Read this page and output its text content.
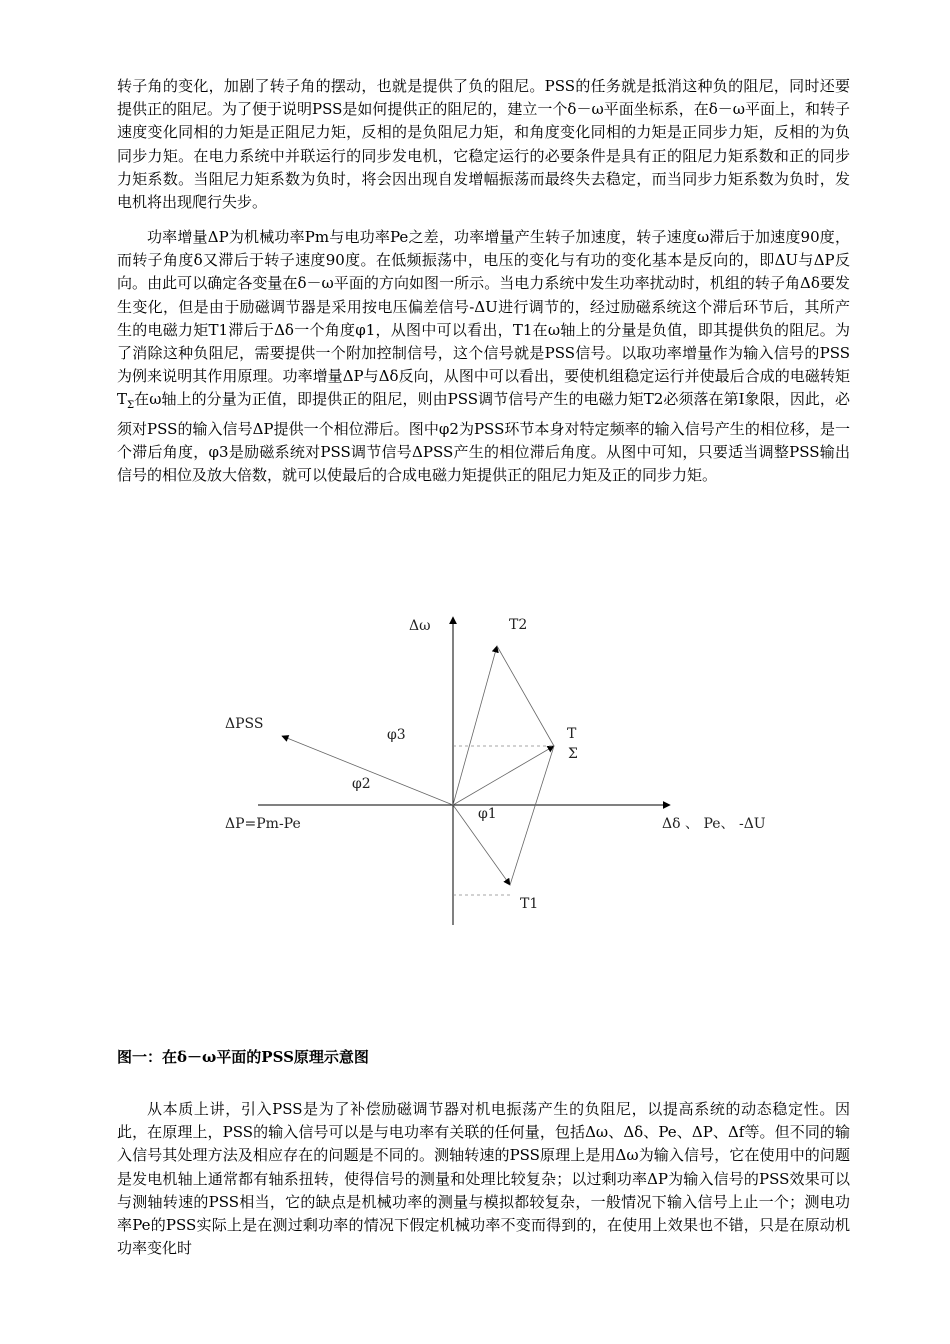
转子角的变化，加剧了转子角的摆动，也就是提供了负的阻尼。PSS的任务就是抵消这种负的阻尼，同时还要提供正的阻尼。为了便于说明PSS是如何提供正的阻尼的，建立一个δ－ω平面坐标系，在δ－ω平面上，和转子速度变化同相的力矩是正阻尼力矩，反相的是负阻尼力矩，和角度变化同相的力矩是正同步力矩，反相的为负同步力矩。在电力系统中并联运行的同步发电机，它稳定运行的必要条件是具有正的阻尼力矩系数和正的同步力矩系数。当阻尼力矩系数为负时，将会因出现自发增幅振荡而最终失去稳定，而当同步力矩系数为负时，发电机将出现爬行失步。

功率增量ΔP为机械功率Pm与电功率Pe之差，功率增量产生转子加速度，转子速度ω滞后于加速度90度，而转子角度δ又滞后于转子速度90度。在低频振荡中，电压的变化与有功的变化基本是反向的，即ΔU与ΔP反向。由此可以确定各变量在δ－ω平面的方向如图一所示。当电力系统中发生功率扰动时，机组的转子角Δδ要发生变化，但是由于励磁调节器是采用按电压偏差信号-ΔU进行调节的，经过励磁系统这个滞后环节后，其所产生的电磁力矩T1滞后于Δδ一个角度φ1，从图中可以看出，T1在ω轴上的分量是负值，即其提供负的阻尼。为了消除这种负阻尼，需要提供一个附加控制信号，这个信号就是PSS信号。以取功率增量作为输入信号的PSS为例来说明其作用原理。功率增量ΔP与Δδ反向，从图中可以看出，要使机组稳定运行并使最后合成的电磁转矩$T_\Sigma$在ω轴上的分量为正值，即提供正的阻尼，则由PSS调节信号产生的电磁力矩T2必须落在第Ⅰ象限，因此，必须对PSS的输入信号ΔP提供一个相位滞后。图中φ2为PSS环节本身对特定频率的输入信号产生的相位移，是一个滞后角度，φ3是励磁系统对PSS调节信号ΔPSS产生的相位滞后角度。从图中可知，只要适当调整PSS输出信号的相位及放大倍数，就可以使最后的合成电磁力矩提供正的阻尼力矩及正的同步力矩。

Δω	T2
ΔPSS
φ3	T
Σ
φ2
φ1
ΔP=Pm-Pe	Δδ 、 Pe、 -ΔU
T1

图一：在δ－ω平面的PSS原理示意图

从本质上讲，引入PSS是为了补偿励磁调节器对机电振荡产生的负阻尼，以提高系统的动态稳定性。因此，在原理上，PSS的输入信号可以是与电功率有关联的任何量，包括Δω、Δδ、Pe、ΔP、Δf等。但不同的输入信号其处理方法及相应存在的问题是不同的。测轴转速的PSS原理上是用Δω为输入信号，它在使用中的问题是发电机轴上通常都有轴系扭转，使得信号的测量和处理比较复杂；以过剩功率ΔP为输入信号的PSS效果可以与测轴转速的PSS相当，它的缺点是机械功率的测量与模拟都较复杂，一般情况下输入信号上止一个；测电功率Pe的PSS实际上是在测过剩功率的情况下假定机械功率不变而得到的，在使用上效果也不错，只是在原动机功率变化时
